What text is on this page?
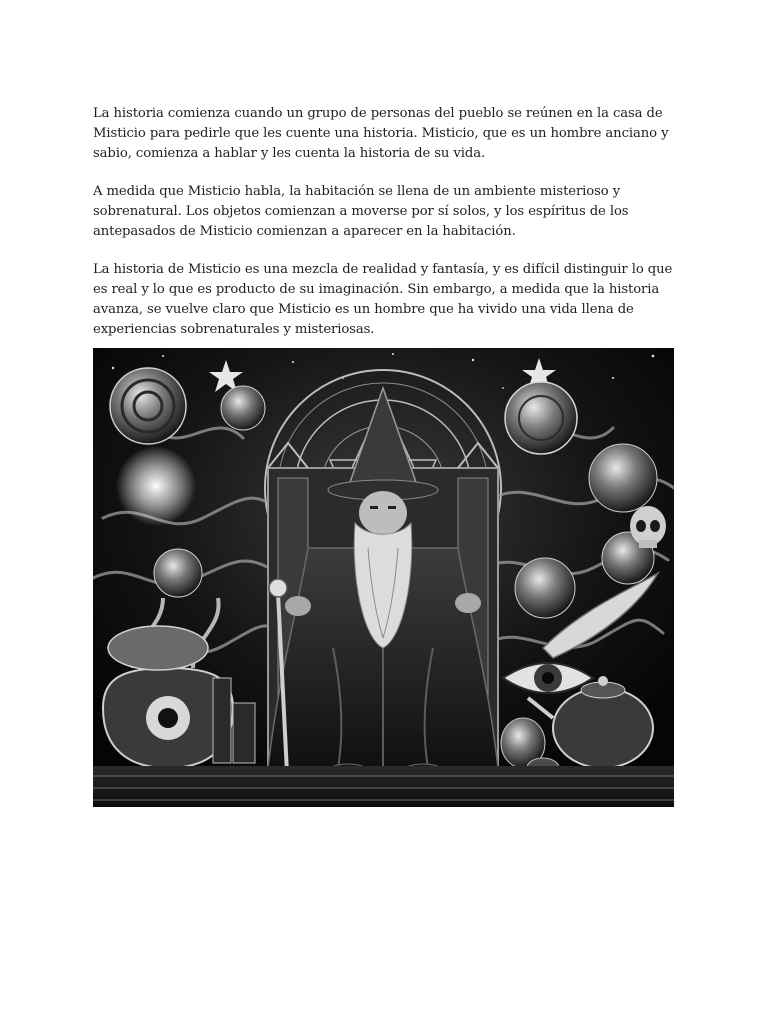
La historia comienza cuando un grupo de personas del pueblo se reúnen en la casa de Misticio para pedirle que les cuente una historia. Misticio, que es un hombre anciano y sabio, comienza a hablar y les cuenta la historia de su vida.

A medida que Misticio habla, la habitación se llena de un ambiente misterioso y sobrenatural. Los objetos comienzan a moverse por sí solos, y los espíritus de los antepasados de Misticio comienzan a aparecer en la habitación.

La historia de Misticio es una mezcla de realidad y fantasía, y es difícil distinguir lo que es real y lo que es producto de su imaginación. Sin embargo, a medida que la historia avanza, se vuelve claro que Misticio es un hombre que ha vivido una vida llena de experiencias sobrenaturales y misteriosas.
